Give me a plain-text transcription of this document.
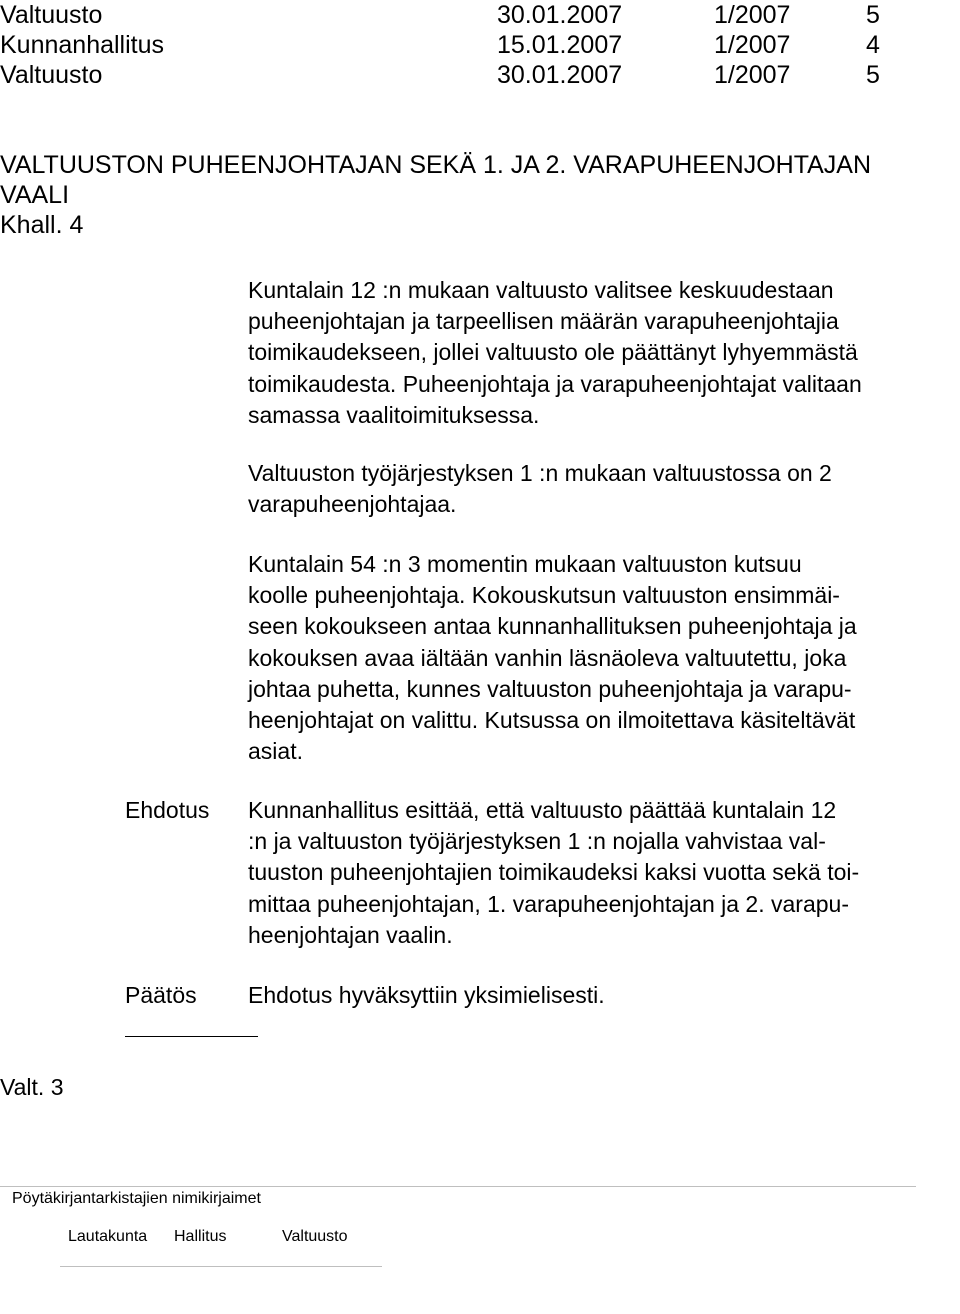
Valtuusto	30.01.2007	1/2007	5
Kunnanhallitus	15.01.2007	1/2007	4
Valtuusto	30.01.2007	1/2007	5
VALTUUSTON PUHEENJOHTAJAN SEKÄ 1. JA 2. VARAPUHEENJOHTAJAN
VAALI
Khall. 4
Kuntalain 12 :n mukaan valtuusto valitsee keskuudestaan
puheenjohtajan ja tarpeellisen määrän varapuheenjohtajia
toimikaudekseen, jollei valtuusto ole päättänyt lyhyemmästä
toimikaudesta. Puheenjohtaja ja varapuheenjohtajat valitaan
samassa vaalitoimituksessa.
Valtuuston työjärjestyksen 1 :n mukaan valtuustossa on 2
varapuheenjohtajaa.
Kuntalain 54 :n 3 momentin mukaan valtuuston kutsuu
koolle puheenjohtaja. Kokouskutsun valtuuston ensimmäi-
seen kokoukseen antaa kunnanhallituksen puheenjohtaja ja
kokouksen avaa iältään vanhin läsnäoleva valtuutettu, joka
johtaa puhetta, kunnes valtuuston puheenjohtaja ja varapu-
heenjohtajat on valittu. Kutsussa on ilmoitettava käsiteltävät
asiat.
Ehdotus Kunnanhallitus esittää, että valtuusto päättää kuntalain 12
:n ja valtuuston työjärjestyksen 1 :n nojalla vahvistaa val-
tuuston puheenjohtajien toimikaudeksi kaksi vuotta sekä toi-
mittaa puheenjohtajan, 1. varapuheenjohtajan ja 2. varapu-
heenjohtajan vaalin.
Päätös Ehdotus hyväksyttiin yksimielisesti.
Valt. 3
Pöytäkirjantarkistajien nimikirjaimet
Lautakunta Hallitus	Valtuusto
